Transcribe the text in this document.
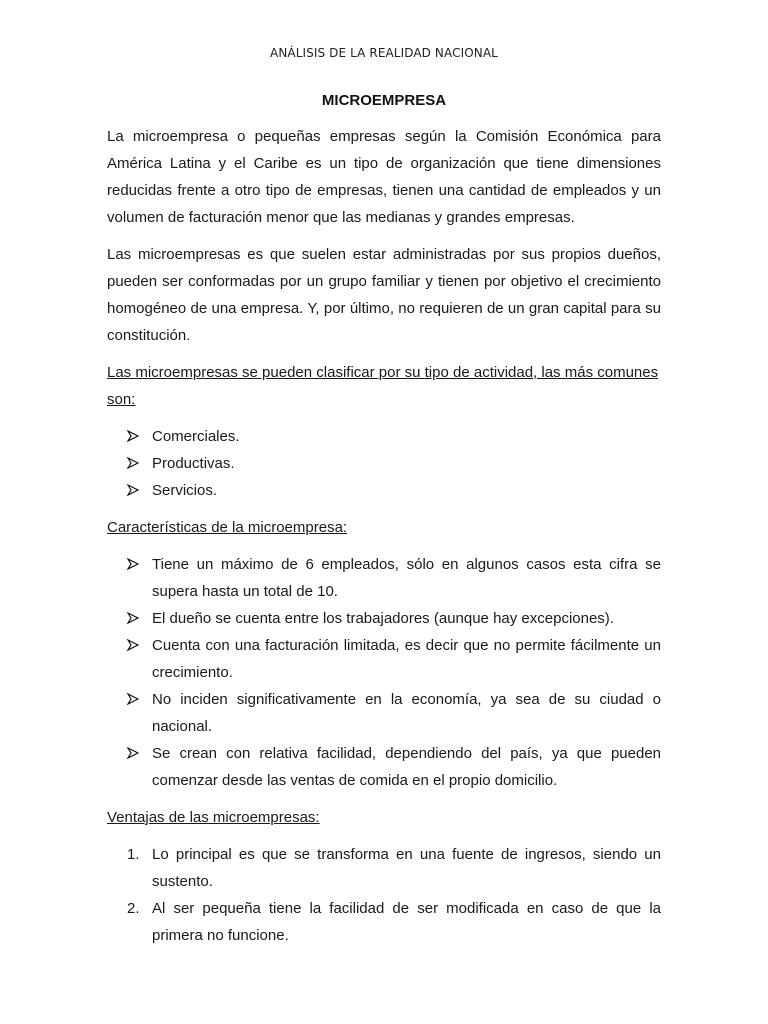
ANÁLISIS DE LA REALIDAD NACIONAL
MICROEMPRESA

La microempresa o pequeñas empresas según la Comisión Económica para América Latina y el Caribe es un tipo de organización que tiene dimensiones reducidas frente a otro tipo de empresas, tienen una cantidad de empleados y un volumen de facturación menor que las medianas y grandes empresas.

Las microempresas es que suelen estar administradas por sus propios dueños, pueden ser conformadas por un grupo familiar y tienen por objetivo el crecimiento homogéneo de una empresa. Y, por último, no requieren de un gran capital para su constitución.

Las microempresas se pueden clasificar por su tipo de actividad, las más comunes son:

Comerciales.
Productivas.
Servicios.

Características de la microempresa:

Tiene un máximo de 6 empleados, sólo en algunos casos esta cifra se supera hasta un total de 10.
El dueño se cuenta entre los trabajadores (aunque hay excepciones).
Cuenta con una facturación limitada, es decir que no permite fácilmente un crecimiento.
No inciden significativamente en la economía, ya sea de su ciudad o nacional.
Se crean con relativa facilidad, dependiendo del país, ya que pueden comenzar desde las ventas de comida en el propio domicilio.

Ventajas de las microempresas:

1. Lo principal es que se transforma en una fuente de ingresos, siendo un sustento.
2. Al ser pequeña tiene la facilidad de ser modificada en caso de que la primera no funcione.
